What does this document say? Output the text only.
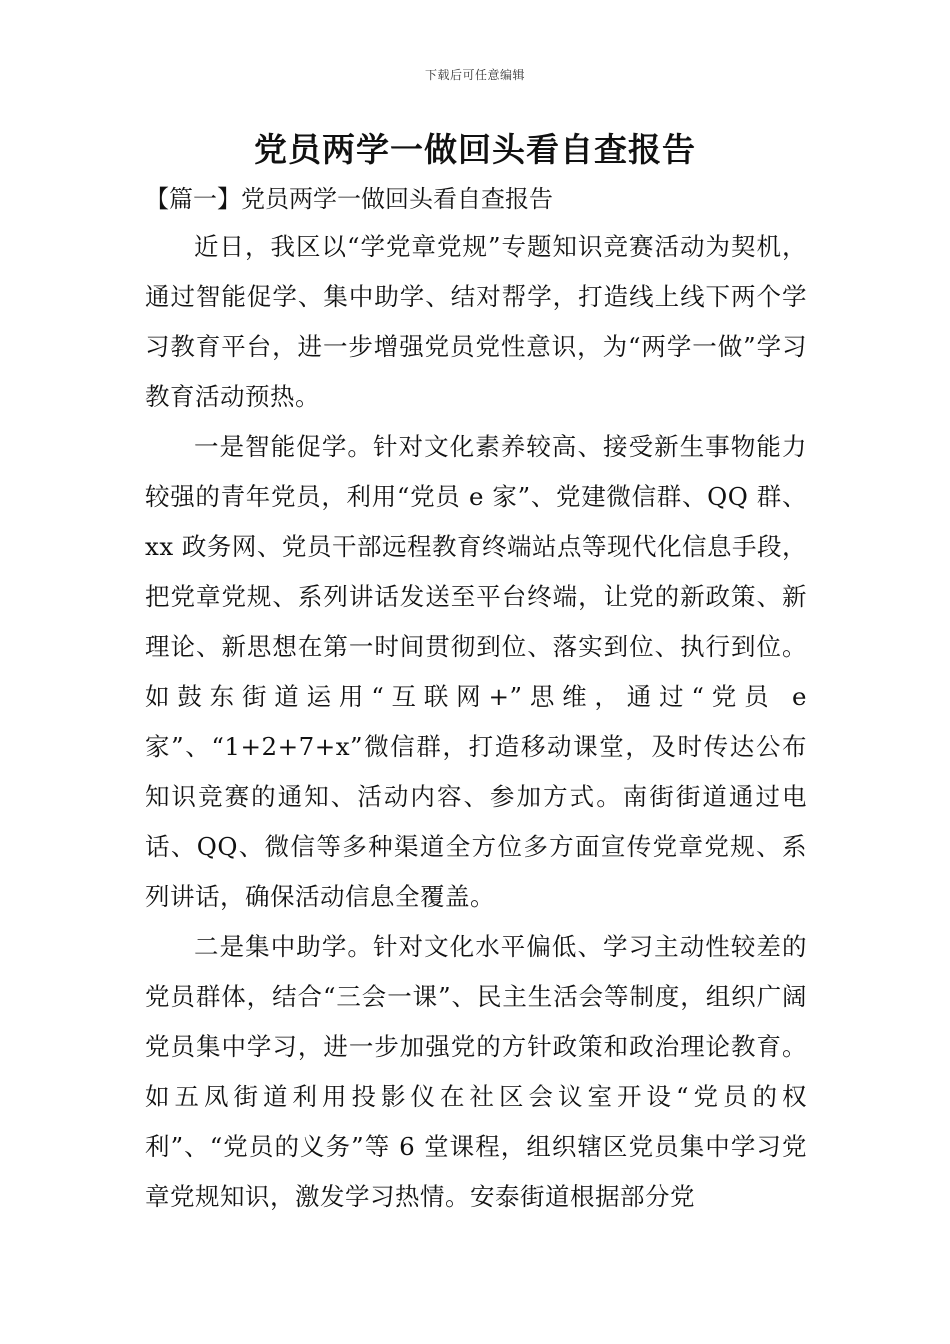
下载后可任意编辑
党员两学一做回头看自查报告
【篇一】党员两学一做回头看自查报告

近日，我区以“学党章党规”专题知识竞赛活动为契机，通过智能促学、集中助学、结对帮学，打造线上线下两个学习教育平台，进一步增强党员党性意识，为“两学一做”学习教育活动预热。

一是智能促学。针对文化素养较高、接受新生事物能力较强的青年党员，利用“党员 e 家”、党建微信群、QQ 群、xx 政务网、党员干部远程教育终端站点等现代化信息手段，把党章党规、系列讲话发送至平台终端，让党的新政策、新理论、新思想在第一时间贯彻到位、落实到位、执行到位。如鼓东街道运用“互联网+”思维，通过“党员 e 家”、“1+2+7+x”微信群，打造移动课堂，及时传达公布知识竞赛的通知、活动内容、参加方式。南街街道通过电话、QQ、微信等多种渠道全方位多方面宣传党章党规、系列讲话，确保活动信息全覆盖。

二是集中助学。针对文化水平偏低、学习主动性较差的党员群体，结合“三会一课”、民主生活会等制度，组织广阔党员集中学习，进一步加强党的方针政策和政治理论教育。如五凤街道利用投影仪在社区会议室开设“党员的权利”、“党员的义务”等 6 堂课程，组织辖区党员集中学习党章党规知识，激发学习热情。安泰街道根据部分党
